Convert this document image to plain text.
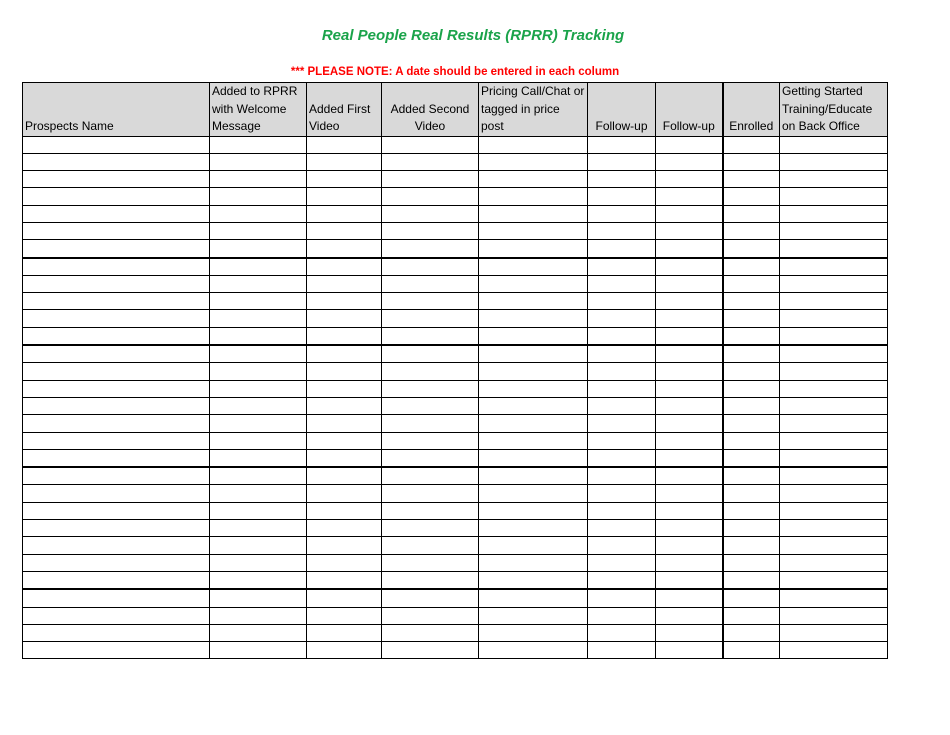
Real People Real Results (RPRR) Tracking
*** PLEASE NOTE: A date should be entered in each column
Prospects Name	Added to RPRR with Welcome Message	Added First Video	Added Second Video	Pricing Call/Chat or tagged in price post	Follow-up	Follow-up	Enrolled	Getting Started Training/Educate on Back Office
